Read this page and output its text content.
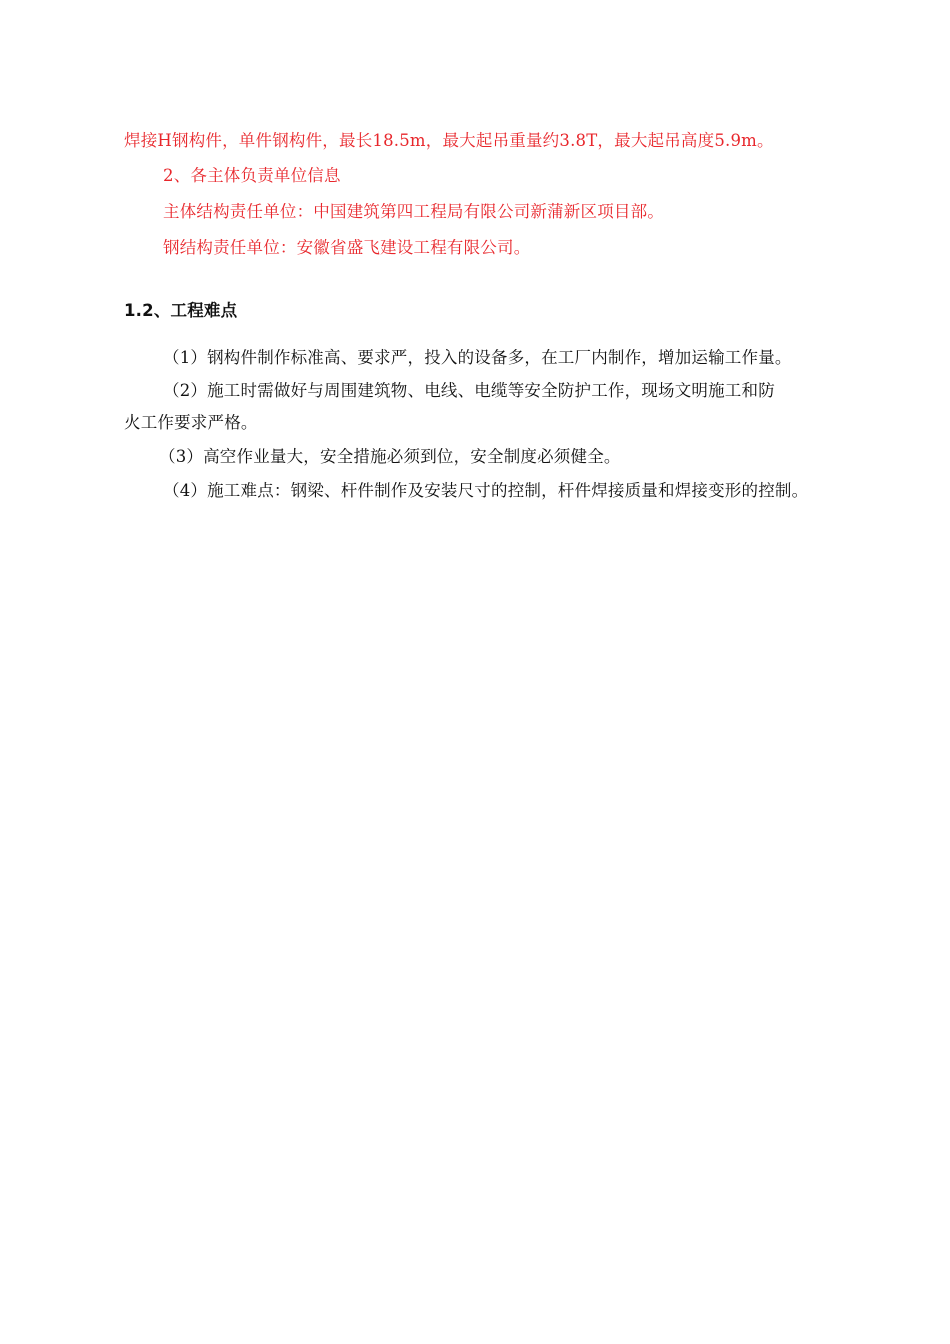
焊接H钢构件，单件钢构件，最长18.5m，最大起吊重量约3.8T，最大起吊高度5.9m。
2、各主体负责单位信息
主体结构责任单位：中国建筑第四工程局有限公司新蒲新区项目部。
钢结构责任单位：安徽省盛飞建设工程有限公司。
1.2、工程难点
（1）钢构件制作标准高、要求严，投入的设备多，在工厂内制作，增加运输工作量。
（2）施工时需做好与周围建筑物、电线、电缆等安全防护工作，现场文明施工和防
火工作要求严格。
（3）高空作业量大，安全措施必须到位，安全制度必须健全。
（4）施工难点：钢梁、杆件制作及安装尺寸的控制，杆件焊接质量和焊接变形的控制。
